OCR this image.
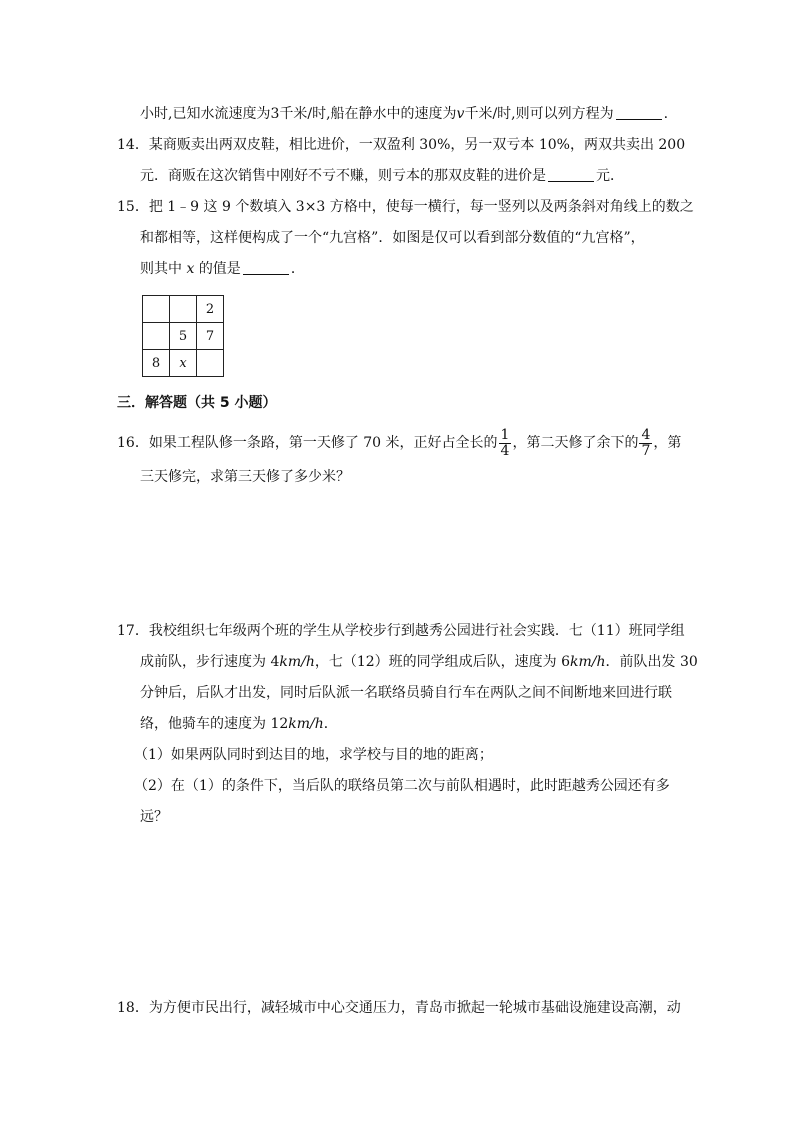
小时,已知水流速度为3千米/时,船在静水中的速度为v千米/时,则可以列方程为	.
14．某商贩卖出两双皮鞋，相比进价，一双盈利 30%，另一双亏本 10%，两双共卖出 200
元．商贩在这次销售中刚好不亏不赚，则亏本的那双皮鞋的进价是	元．
15．把 1﹣9 这 9 个数填入 3×3 方格中，使每一横行，每一竖列以及两条斜对角线上的数之
和都相等，这样便构成了一个“九宫格”．如图是仅可以看到部分数值的“九宫格”，
则其中 x 的值是	．
		2
	5	7
8	x	
三．解答题（共 5 小题）
16．如果工程队修一条路，第一天修了 70 米，正好占全长的 $\frac{1}{4}$ ，第二天修了余下的 $\frac{4}{7}$ ，第
三天修完，求第三天修了多少米？
17．我校组织七年级两个班的学生从学校步行到越秀公园进行社会实践．七（11）班同学组
成前队，步行速度为 4km/h，七（12）班的同学组成后队，速度为 6km/h．前队出发 30
分钟后，后队才出发，同时后队派一名联络员骑自行车在两队之间不间断地来回进行联
络，他骑车的速度为 12km/h．
（1）如果两队同时到达目的地，求学校与目的地的距离；
（2）在（1）的条件下，当后队的联络员第二次与前队相遇时，此时距越秀公园还有多
远？
18．为方便市民出行，减轻城市中心交通压力，青岛市掀起一轮城市基础设施建设高潮，动
